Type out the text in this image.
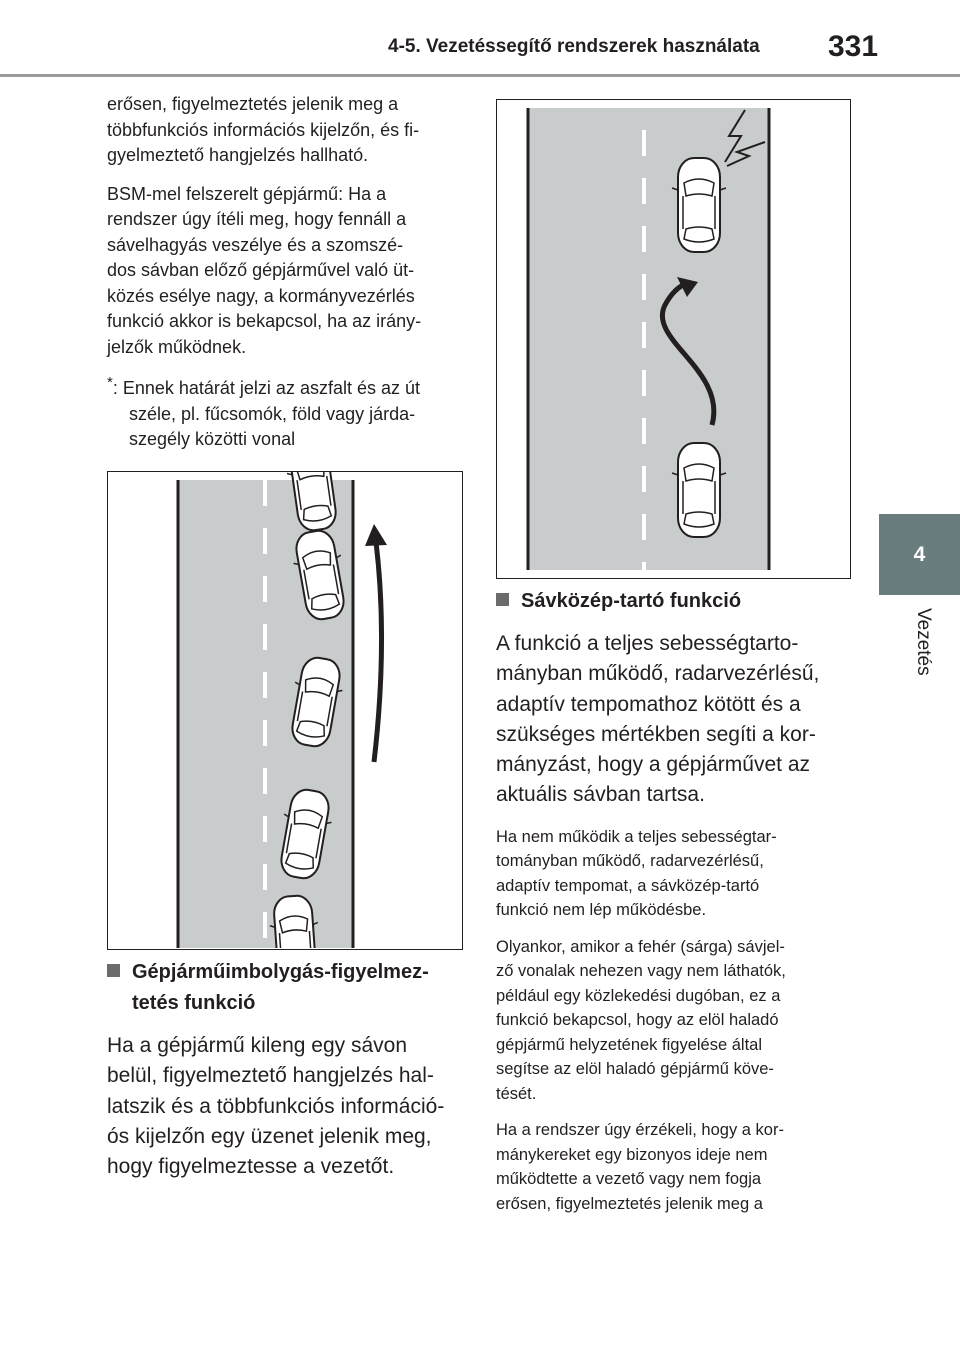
4-5. Vezetéssegítő rendszerek használata 331
4
Vezetés

erősen, figyelmeztetés jelenik meg a
többfunkciós információs kijelzőn, és fi-
gyelmeztető hangjelzés hallható.

BSM-mel felszerelt gépjármű: Ha a
rendszer úgy ítéli meg, hogy fennáll a
sávelhagyás veszélye és a szomszé-
dos sávban előző gépjárművel való üt-
közés esélye nagy, a kormányvezérlés
funkció akkor is bekapcsol, ha az irány-
jelzők működnek.

*: Ennek határát jelzi az aszfalt és az út
széle, pl. fűcsomók, föld vagy járda-
szegély közötti vonal

Gépjárműimbolygás-figyelmez-
tetés funkció

Ha a gépjármű kileng egy sávon
belül, figyelmeztető hangjelzés hal-
latszik és a többfunkciós információ-
ós kijelzőn egy üzenet jelenik meg,
hogy figyelmeztesse a vezetőt.

Sávközép-tartó funkció

A funkció a teljes sebességtarto-
mányban működő, radarvezérlésű,
adaptív tempomathoz kötött és a
szükséges mértékben segíti a kor-
mányzást, hogy a gépjárművet az
aktuális sávban tartsa.

Ha nem működik a teljes sebességtar-
tományban működő, radarvezérlésű,
adaptív tempomat, a sávközép-tartó
funkció nem lép működésbe.

Olyankor, amikor a fehér (sárga) sávjel-
ző vonalak nehezen vagy nem láthatók,
például egy közlekedési dugóban, ez a
funkció bekapcsol, hogy az elöl haladó
gépjármű helyzetének figyelése által
segítse az elöl haladó gépjármű köve-
tését.

Ha a rendszer úgy érzékeli, hogy a kor-
mánykereket egy bizonyos ideje nem
működtette a vezető vagy nem fogja
erősen, figyelmeztetés jelenik meg a
